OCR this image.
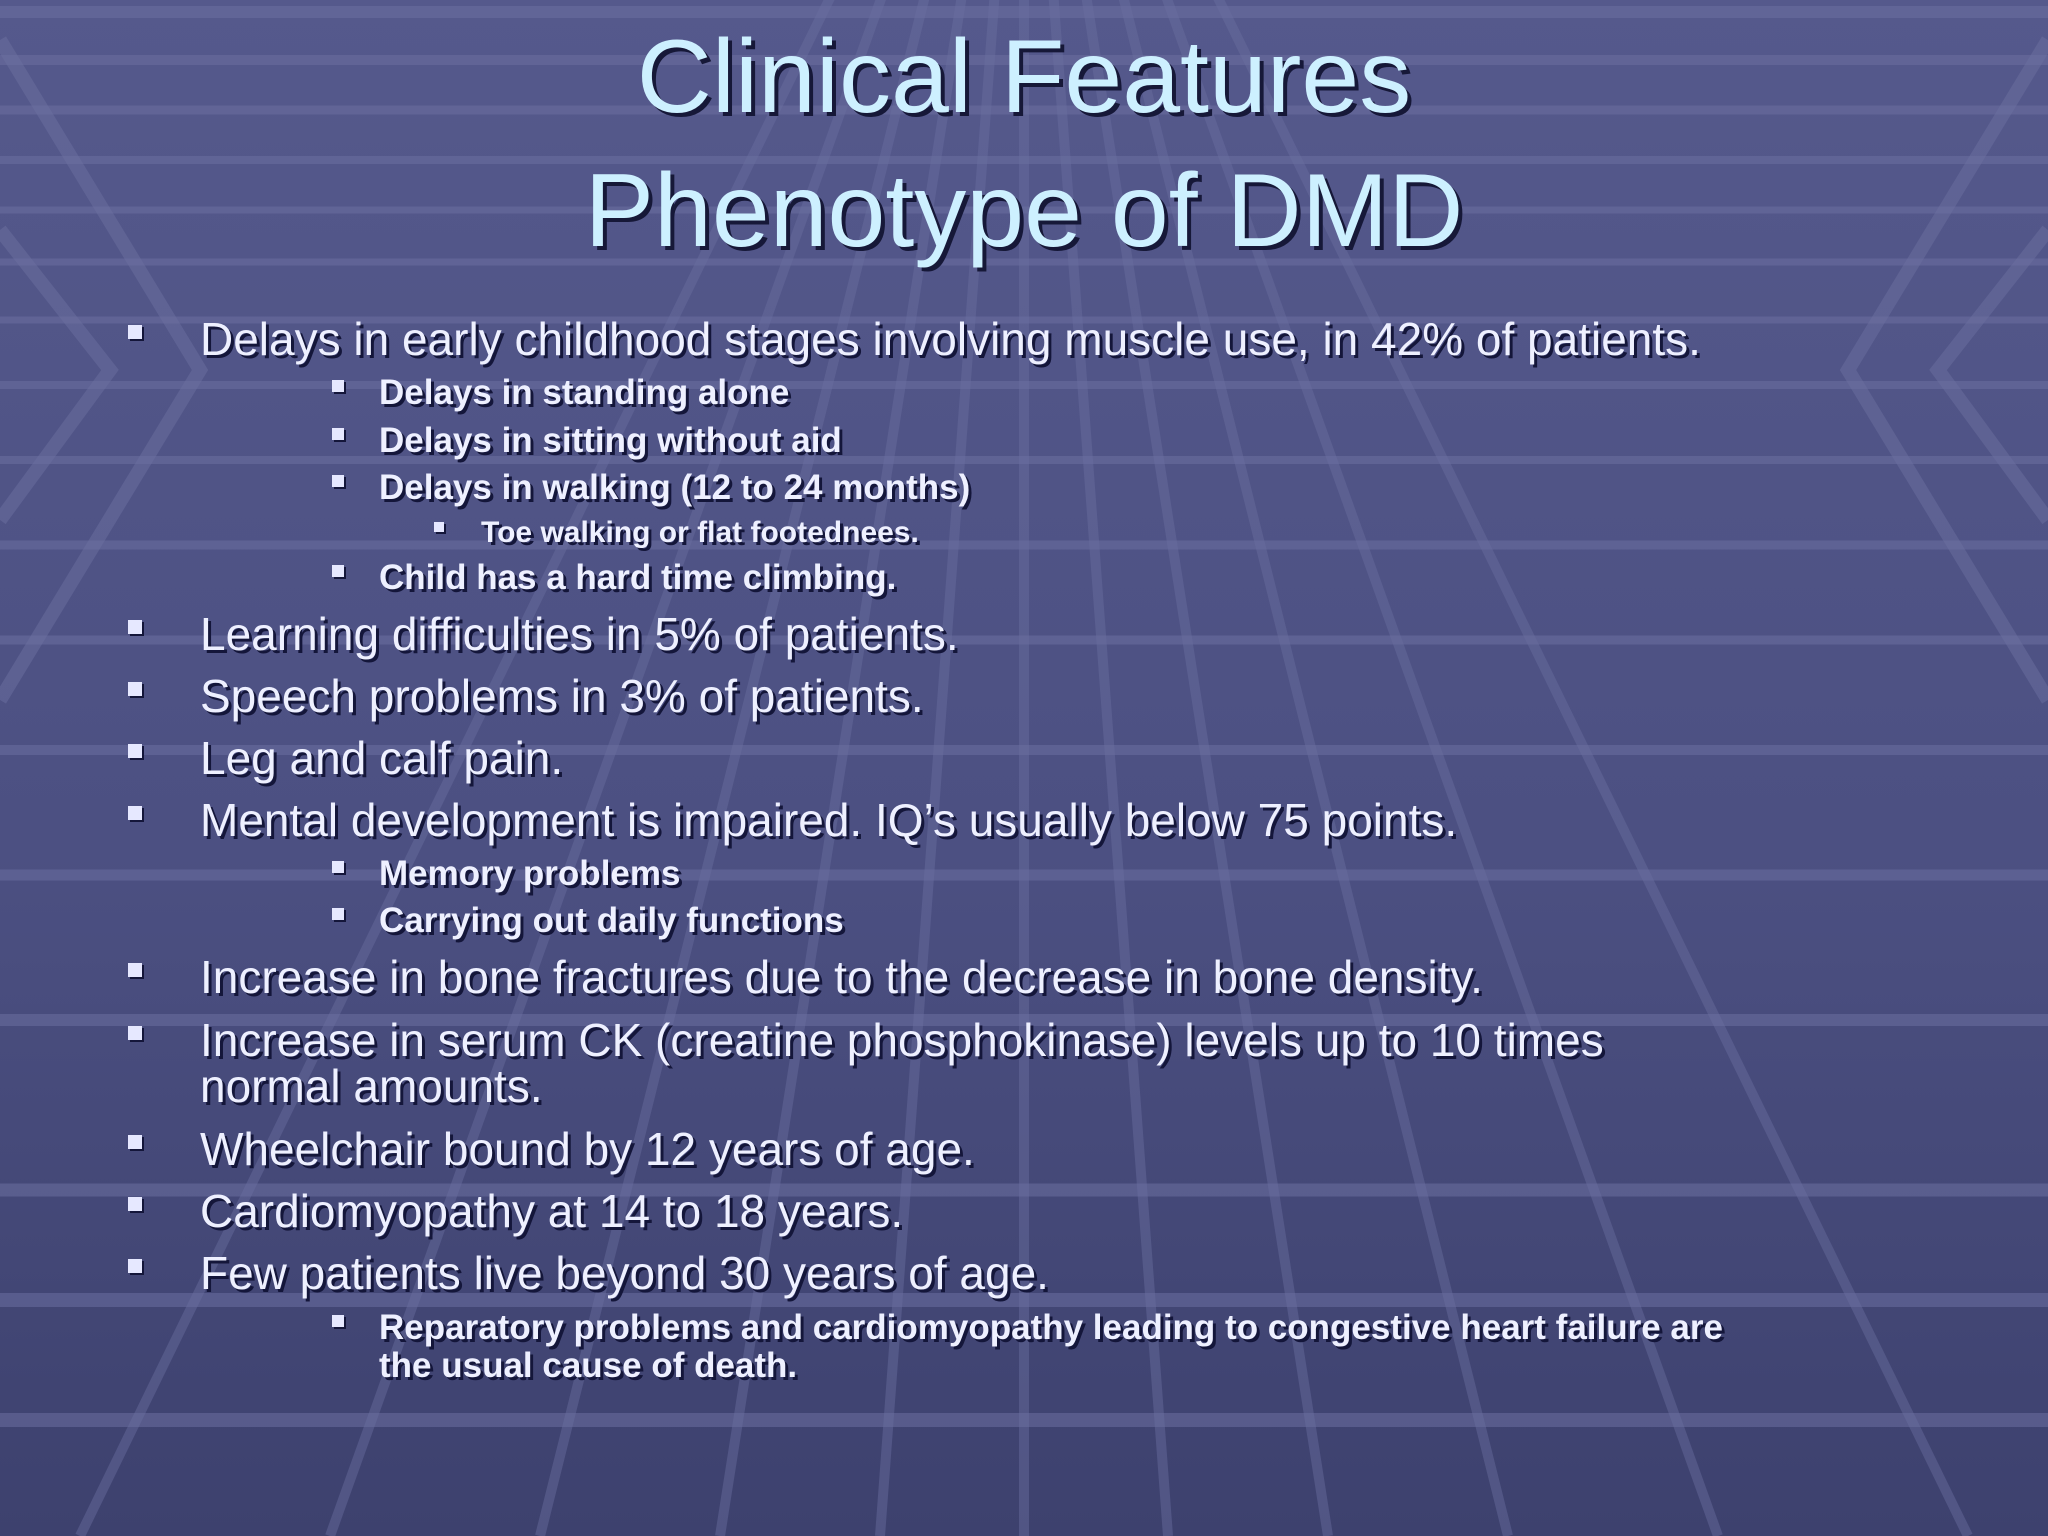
Clinical Features
Phenotype of DMD
Delays in early childhood stages involving muscle use, in 42% of patients.
Delays in standing alone
Delays in sitting without aid
Delays in walking (12 to 24 months)
Toe walking or flat footednees.
Child has a hard time climbing.
Learning difficulties in 5% of patients.
Speech problems in 3% of patients.
Leg and calf pain.
Mental development is impaired. IQ’s usually below 75 points.
Memory problems
Carrying out daily functions
Increase in bone fractures due to the decrease in bone density.
Increase in serum CK (creatine phosphokinase) levels up to 10 times
normal amounts.
Wheelchair bound by 12 years of age.
Cardiomyopathy at 14 to 18 years.
Few patients live beyond 30 years of age.
Reparatory problems and cardiomyopathy leading to congestive heart failure are
the usual cause of death.
